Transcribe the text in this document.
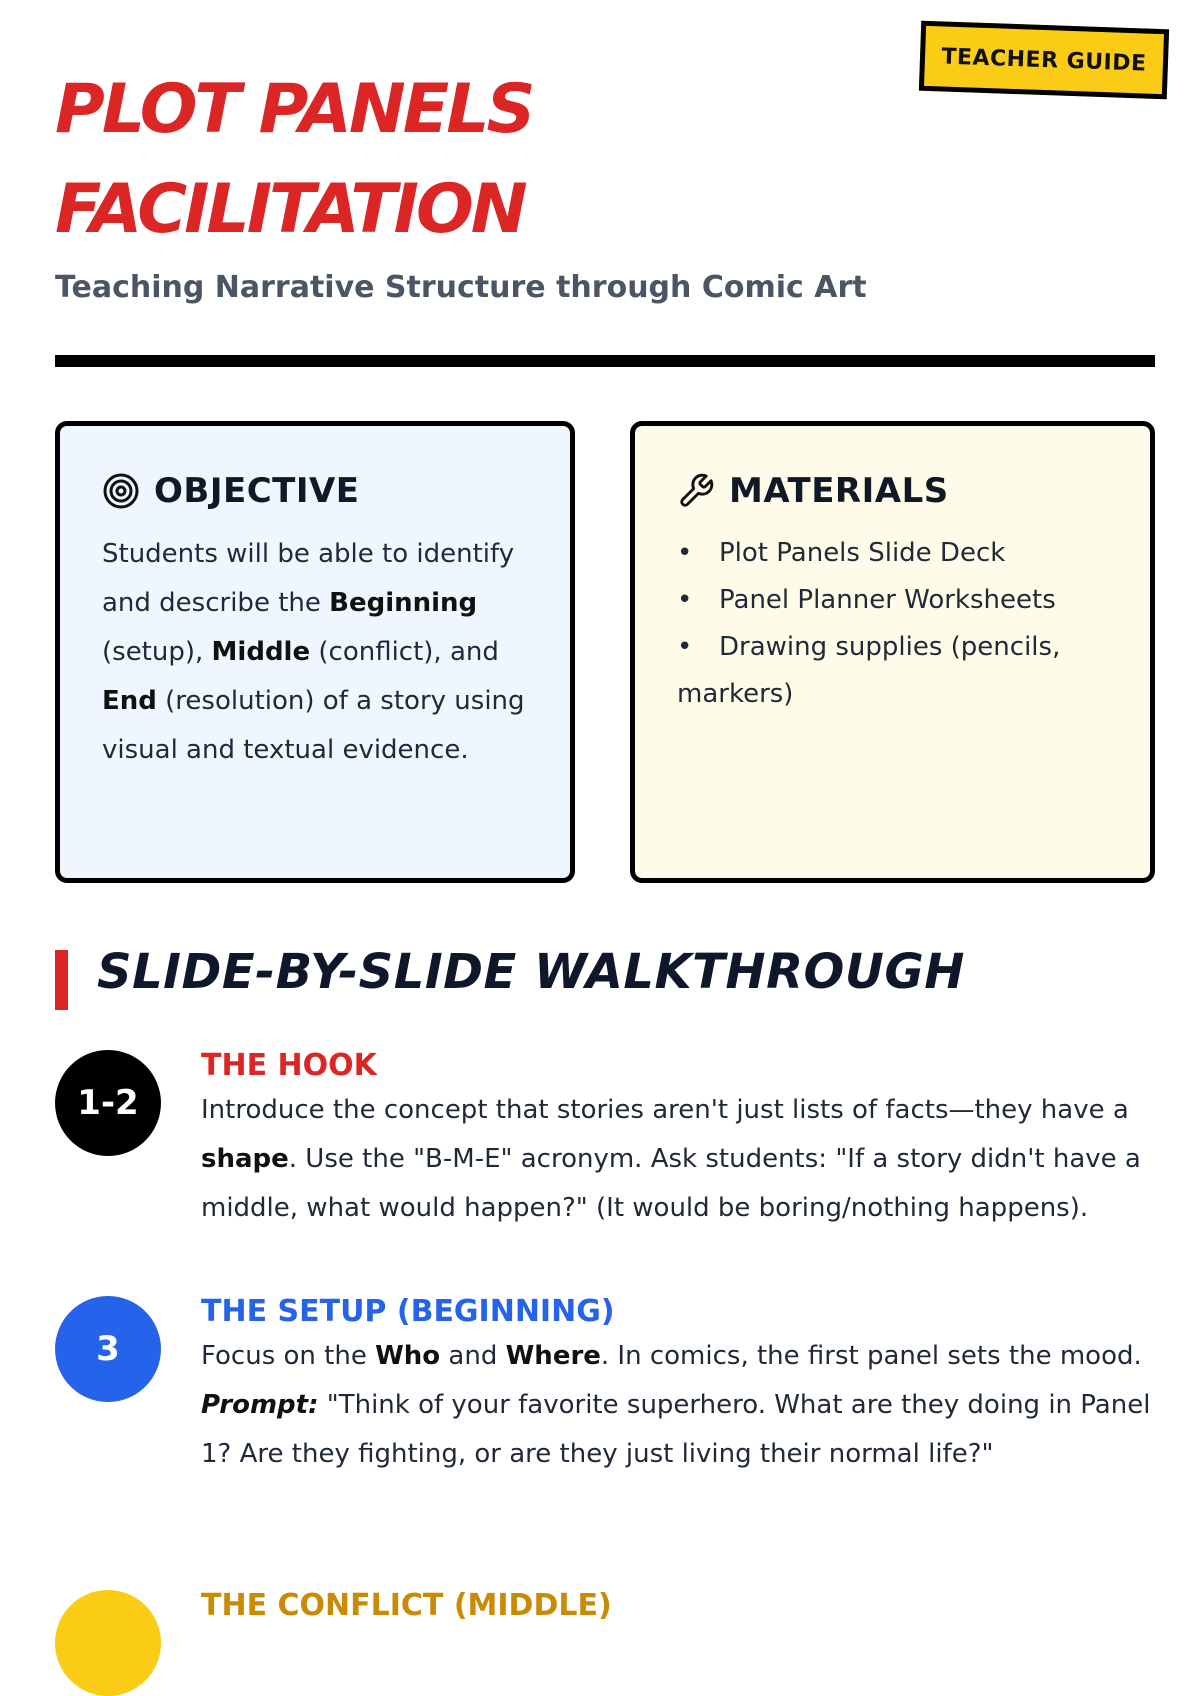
TEACHER GUIDE
PLOT PANELS FACILITATION
Teaching Narrative Structure through Comic Art
OBJECTIVE
Students will be able to identify and describe the Beginning (setup), Middle (conflict), and End (resolution) of a story using visual and textual evidence.
MATERIALS
• Plot Panels Slide Deck
• Panel Planner Worksheets
• Drawing supplies (pencils, markers)
SLIDE-BY-SLIDE WALKTHROUGH
1-2
THE HOOK
Introduce the concept that stories aren't just lists of facts—they have a shape. Use the "B-M-E" acronym. Ask students: "If a story didn't have a middle, what would happen?" (It would be boring/nothing happens).
3
THE SETUP (BEGINNING)
Focus on the Who and Where. In comics, the first panel sets the mood.
Prompt: "Think of your favorite superhero. What are they doing in Panel 1? Are they fighting, or are they just living their normal life?"
THE CONFLICT (MIDDLE)
